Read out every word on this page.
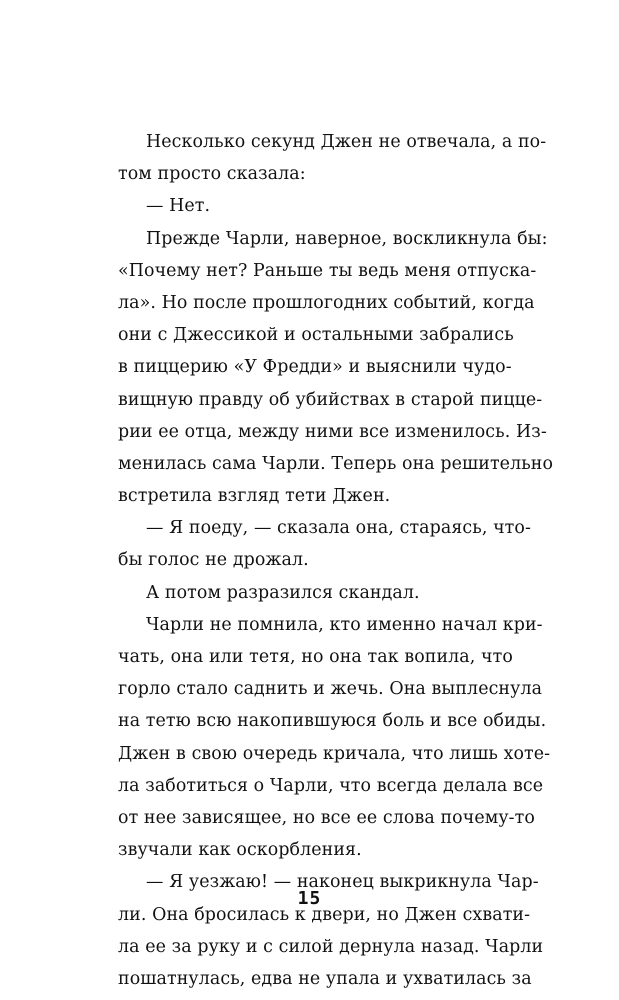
Несколько секунд Джен не отвечала, а по-
том просто сказала:
— Нет.
Прежде Чарли, наверное, воскликнула бы:
«Почему нет? Раньше ты ведь меня отпуска-
ла». Но после прошлогодних событий, когда
они с Джессикой и остальными забрались
в пиццерию «У Фредди» и выяснили чудо-
вищную правду об убийствах в старой пицце-
рии ее отца, между ними все изменилось. Из-
менилась сама Чарли. Теперь она решительно
встретила взгляд тети Джен.
— Я поеду, — сказала она, стараясь, что-
бы голос не дрожал.
А потом разразился скандал.
Чарли не помнила, кто именно начал кри-
чать, она или тетя, но она так вопила, что
горло стало саднить и жечь. Она выплеснула
на тетю всю накопившуюся боль и все обиды.
Джен в свою очередь кричала, что лишь хоте-
ла заботиться о Чарли, что всегда делала все
от нее зависящее, но все ее слова почему-то
звучали как оскорбления.
— Я уезжаю! — наконец выкрикнула Чар-
ли. Она бросилась к двери, но Джен схвати-
ла ее за руку и с силой дернула назад. Чарли
пошатнулась, едва не упала и ухватилась за
15
